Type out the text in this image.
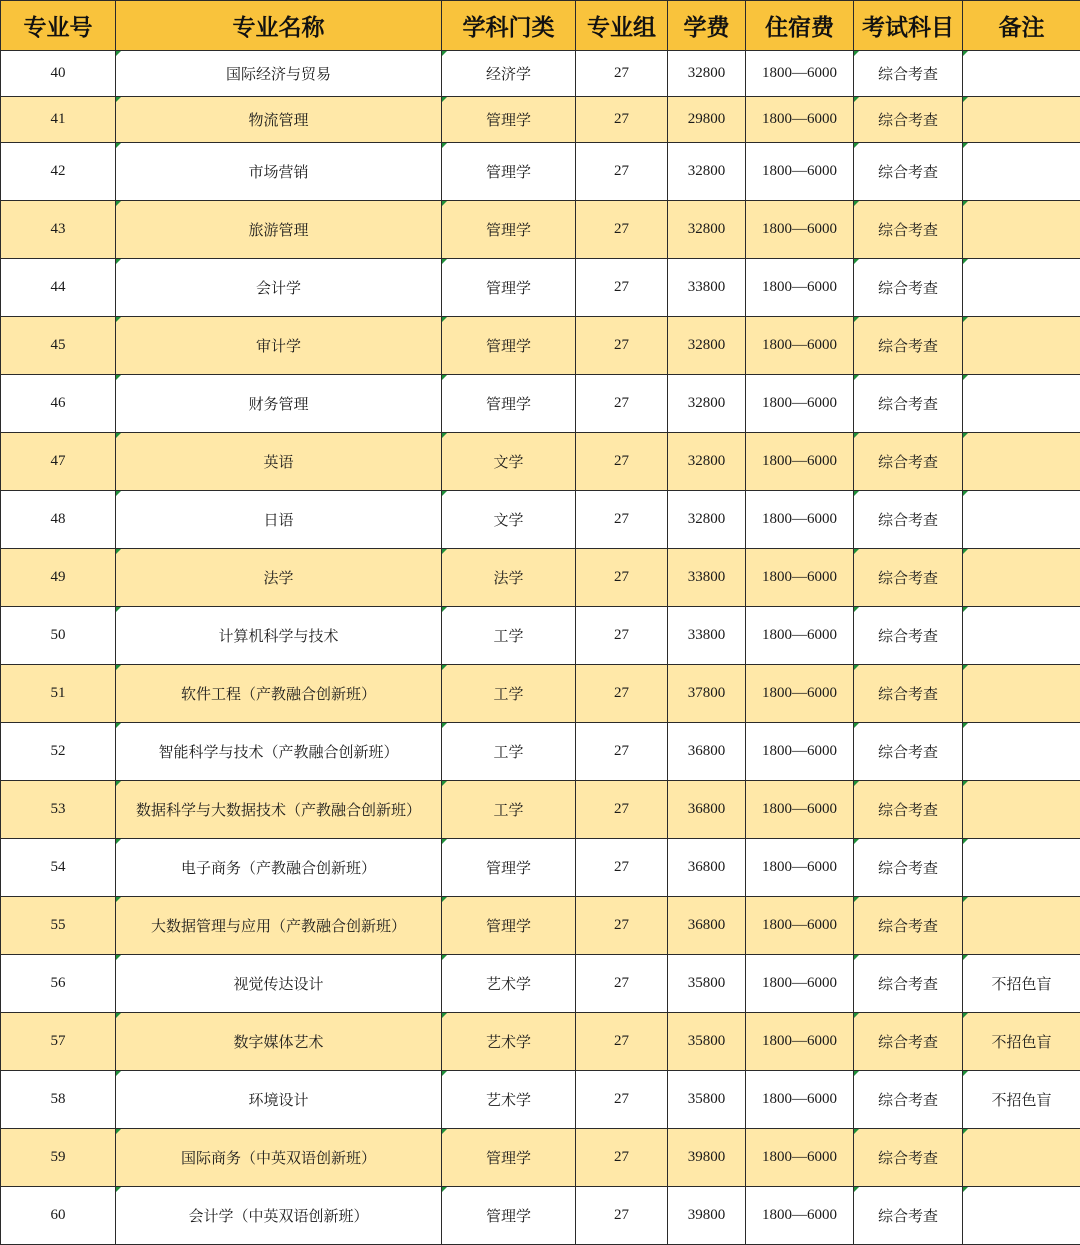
专业号	专业名称	学科门类	专业组	学费	住宿费	考试科目	备注
40	国际经济与贸易	经济学	27	32800	1800—6000	综合考查	
41	物流管理	管理学	27	29800	1800—6000	综合考查	
42	市场营销	管理学	27	32800	1800—6000	综合考查	
43	旅游管理	管理学	27	32800	1800—6000	综合考查	
44	会计学	管理学	27	33800	1800—6000	综合考查	
45	审计学	管理学	27	32800	1800—6000	综合考查	
46	财务管理	管理学	27	32800	1800—6000	综合考查	
47	英语	文学	27	32800	1800—6000	综合考查	
48	日语	文学	27	32800	1800—6000	综合考查	
49	法学	法学	27	33800	1800—6000	综合考查	
50	计算机科学与技术	工学	27	33800	1800—6000	综合考查	
51	软件工程（产教融合创新班）	工学	27	37800	1800—6000	综合考查	
52	智能科学与技术（产教融合创新班）	工学	27	36800	1800—6000	综合考查	
53	数据科学与大数据技术（产教融合创新班）	工学	27	36800	1800—6000	综合考查	
54	电子商务（产教融合创新班）	管理学	27	36800	1800—6000	综合考查	
55	大数据管理与应用（产教融合创新班）	管理学	27	36800	1800—6000	综合考查	
56	视觉传达设计	艺术学	27	35800	1800—6000	综合考查	不招色盲
57	数字媒体艺术	艺术学	27	35800	1800—6000	综合考查	不招色盲
58	环境设计	艺术学	27	35800	1800—6000	综合考查	不招色盲
59	国际商务（中英双语创新班）	管理学	27	39800	1800—6000	综合考查	
60	会计学（中英双语创新班）	管理学	27	39800	1800—6000	综合考查	
